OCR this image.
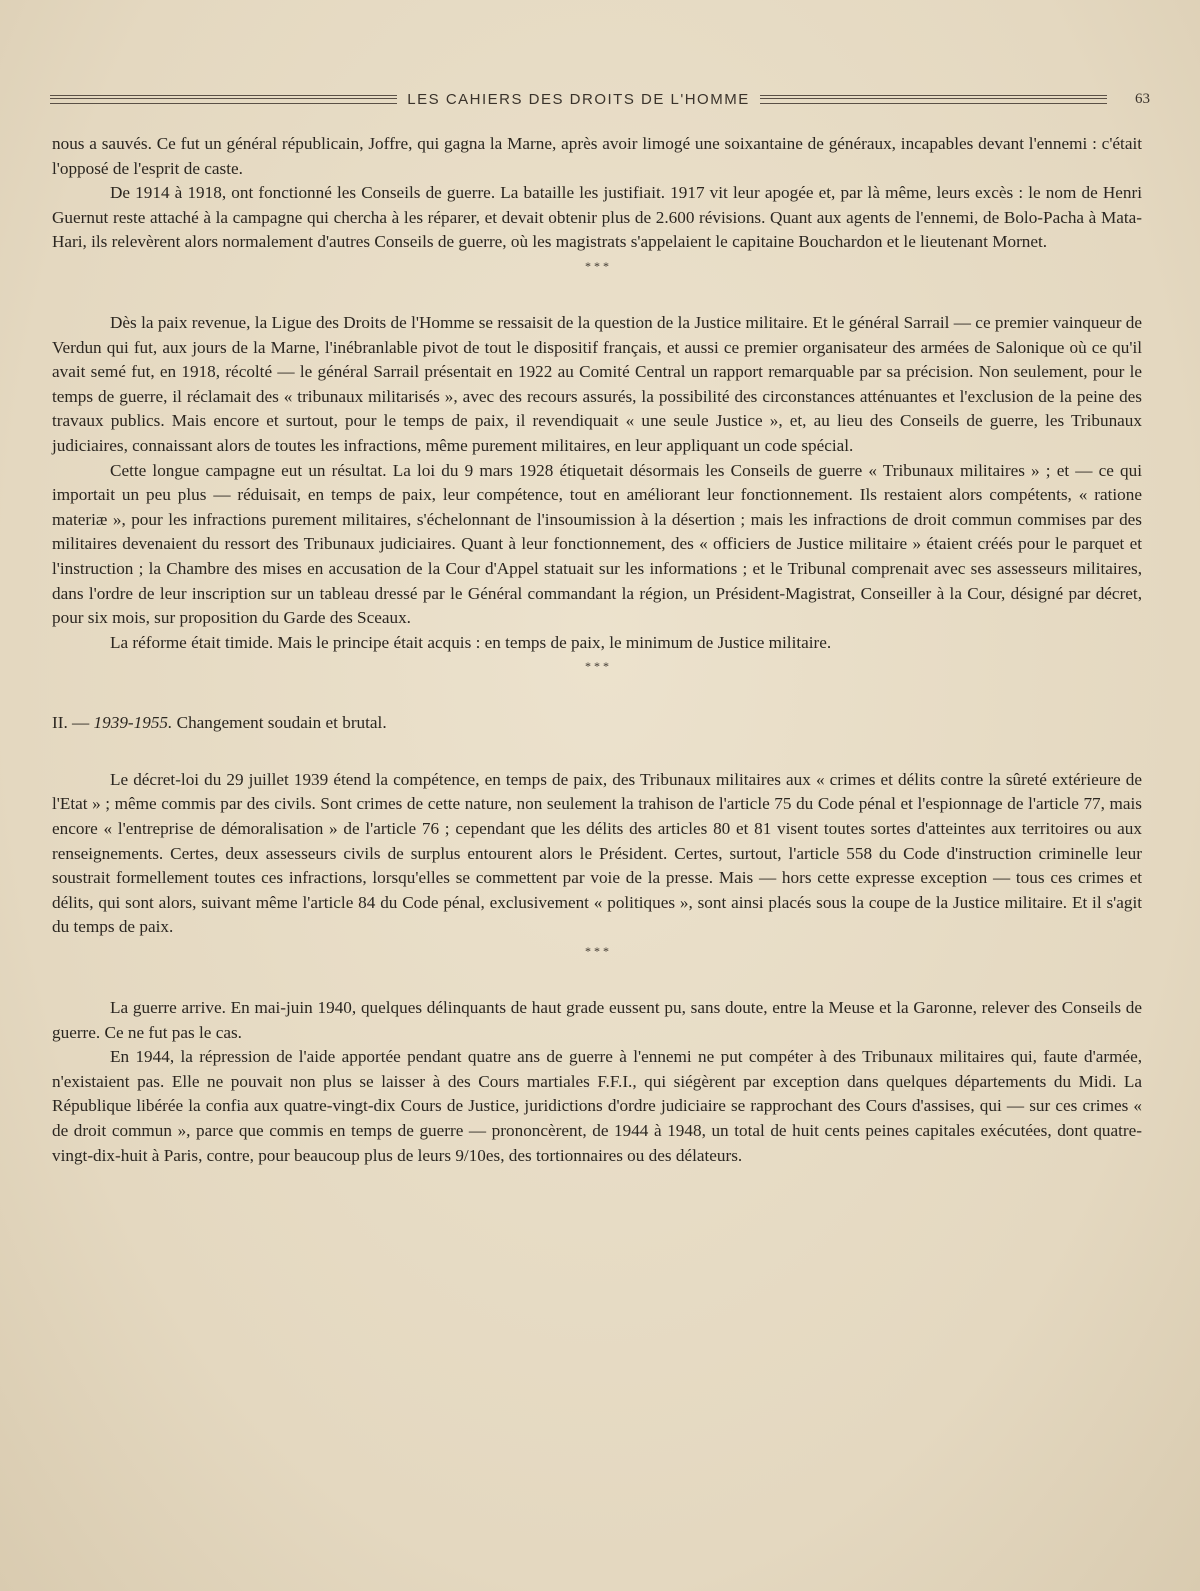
LES CAHIERS DES DROITS DE L'HOMME	63

nous a sauvés. Ce fut un général républicain, Joffre, qui gagna la Marne, après avoir limogé une soixantaine de généraux, incapables devant l'ennemi : c'était l'opposé de l'esprit de caste.

De 1914 à 1918, ont fonctionné les Conseils de guerre. La bataille les justifiait. 1917 vit leur apogée et, par là même, leurs excès : le nom de Henri Guernut reste attaché à la campagne qui chercha à les réparer, et devait obtenir plus de 2.600 révisions. Quant aux agents de l'ennemi, de Bolo-Pacha à Mata-Hari, ils relevèrent alors normalement d'autres Conseils de guerre, où les magistrats s'appelaient le capitaine Bouchardon et le lieutenant Mornet.

* * *

Dès la paix revenue, la Ligue des Droits de l'Homme se ressaisit de la question de la Justice militaire. Et le général Sarrail — ce premier vainqueur de Verdun qui fut, aux jours de la Marne, l'inébranlable pivot de tout le dispositif français, et aussi ce premier organisateur des armées de Salonique où ce qu'il avait semé fut, en 1918, récolté — le général Sarrail présentait en 1922 au Comité Central un rapport remarquable par sa précision. Non seulement, pour le temps de guerre, il réclamait des « tribunaux militarisés », avec des recours assurés, la possibilité des circonstances atténuantes et l'exclusion de la peine des travaux publics. Mais encore et surtout, pour le temps de paix, il revendiquait « une seule Justice », et, au lieu des Conseils de guerre, les Tribunaux judiciaires, connaissant alors de toutes les infractions, même purement militaires, en leur appliquant un code spécial.

Cette longue campagne eut un résultat. La loi du 9 mars 1928 étiquetait désormais les Conseils de guerre « Tribunaux militaires » ; et — ce qui importait un peu plus — réduisait, en temps de paix, leur compétence, tout en améliorant leur fonctionnement. Ils restaient alors compétents, « ratione materiæ », pour les infractions purement militaires, s'échelonnant de l'insoumission à la désertion ; mais les infractions de droit commun commises par des militaires devenaient du ressort des Tribunaux judiciaires. Quant à leur fonctionnement, des « officiers de Justice militaire » étaient créés pour le parquet et l'instruction ; la Chambre des mises en accusation de la Cour d'Appel statuait sur les informations ; et le Tribunal comprenait avec ses assesseurs militaires, dans l'ordre de leur inscription sur un tableau dressé par le Général commandant la région, un Président-Magistrat, Conseiller à la Cour, désigné par décret, pour six mois, sur proposition du Garde des Sceaux.

La réforme était timide. Mais le principe était acquis : en temps de paix, le minimum de Justice militaire.

* * *

II. — 1939-1955. Changement soudain et brutal.

Le décret-loi du 29 juillet 1939 étend la compétence, en temps de paix, des Tribunaux militaires aux « crimes et délits contre la sûreté extérieure de l'Etat » ; même commis par des civils. Sont crimes de cette nature, non seulement la trahison de l'article 75 du Code pénal et l'espionnage de l'article 77, mais encore « l'entreprise de démoralisation » de l'article 76 ; cependant que les délits des articles 80 et 81 visent toutes sortes d'atteintes aux territoires ou aux renseignements. Certes, deux assesseurs civils de surplus entourent alors le Président. Certes, surtout, l'article 558 du Code d'instruction criminelle leur soustrait formellement toutes ces infractions, lorsqu'elles se commettent par voie de la presse. Mais — hors cette expresse exception — tous ces crimes et délits, qui sont alors, suivant même l'article 84 du Code pénal, exclusivement « politiques », sont ainsi placés sous la coupe de la Justice militaire. Et il s'agit du temps de paix.

* * *

La guerre arrive. En mai-juin 1940, quelques délinquants de haut grade eussent pu, sans doute, entre la Meuse et la Garonne, relever des Conseils de guerre. Ce ne fut pas le cas.

En 1944, la répression de l'aide apportée pendant quatre ans de guerre à l'ennemi ne put compéter à des Tribunaux militaires qui, faute d'armée, n'existaient pas. Elle ne pouvait non plus se laisser à des Cours martiales F.F.I., qui siégèrent par exception dans quelques départements du Midi. La République libérée la confia aux quatre-vingt-dix Cours de Justice, juridictions d'ordre judiciaire se rapprochant des Cours d'assises, qui — sur ces crimes « de droit commun », parce que commis en temps de guerre — prononcèrent, de 1944 à 1948, un total de huit cents peines capitales exécutées, dont quatre-vingt-dix-huit à Paris, contre, pour beaucoup plus de leurs 9/10es, des tortionnaires ou des délateurs.
